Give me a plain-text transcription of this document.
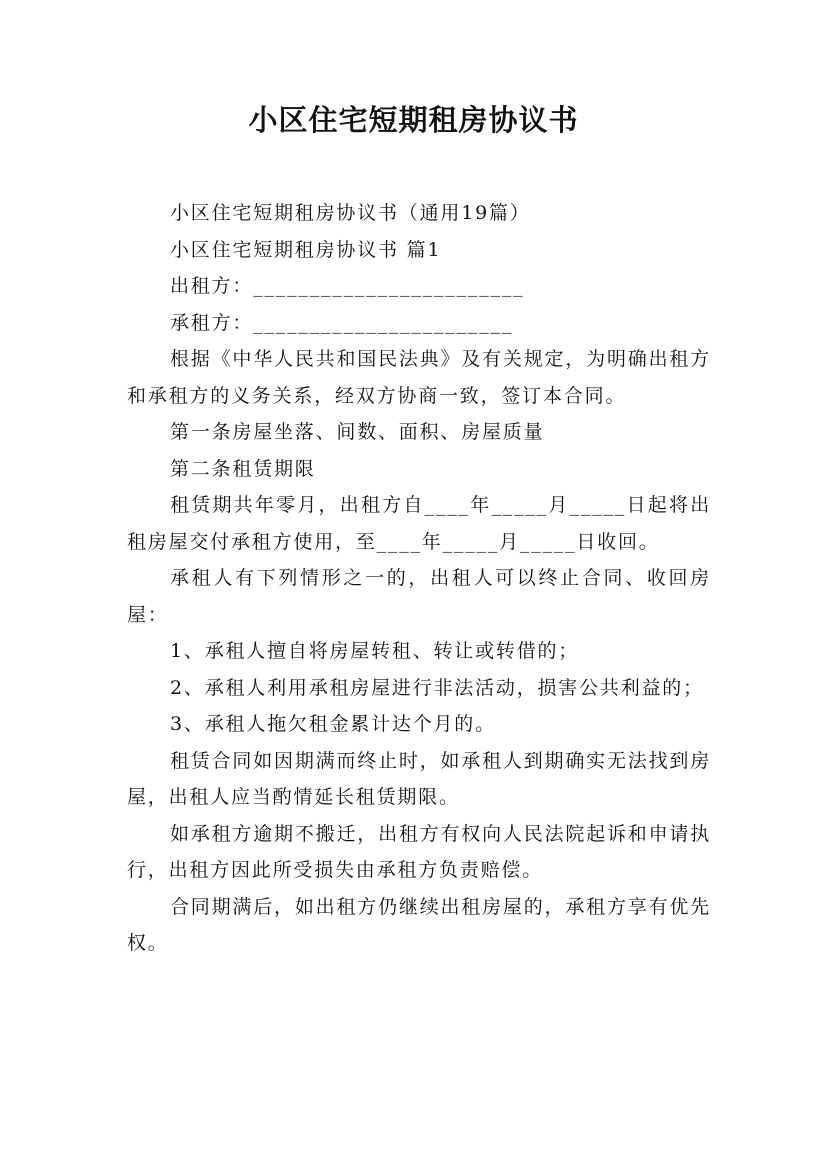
小区住宅短期租房协议书

小区住宅短期租房协议书（通用19篇）

小区住宅短期租房协议书 篇1

出租方：________________________

承租方：_______________________

根据《中华人民共和国民法典》及有关规定，为明确出租方和承租方的义务关系，经双方协商一致，签订本合同。

第一条房屋坐落、间数、面积、房屋质量

第二条租赁期限

租赁期共年零月，出租方自____年_____月_____日起将出租房屋交付承租方使用，至____年_____月_____日收回。

承租人有下列情形之一的，出租人可以终止合同、收回房屋：

1、承租人擅自将房屋转租、转让或转借的；

2、承租人利用承租房屋进行非法活动，损害公共利益的；

3、承租人拖欠租金累计达个月的。

租赁合同如因期满而终止时，如承租人到期确实无法找到房屋，出租人应当酌情延长租赁期限。

如承租方逾期不搬迁，出租方有权向人民法院起诉和申请执行，出租方因此所受损失由承租方负责赔偿。

合同期满后，如出租方仍继续出租房屋的，承租方享有优先权。
